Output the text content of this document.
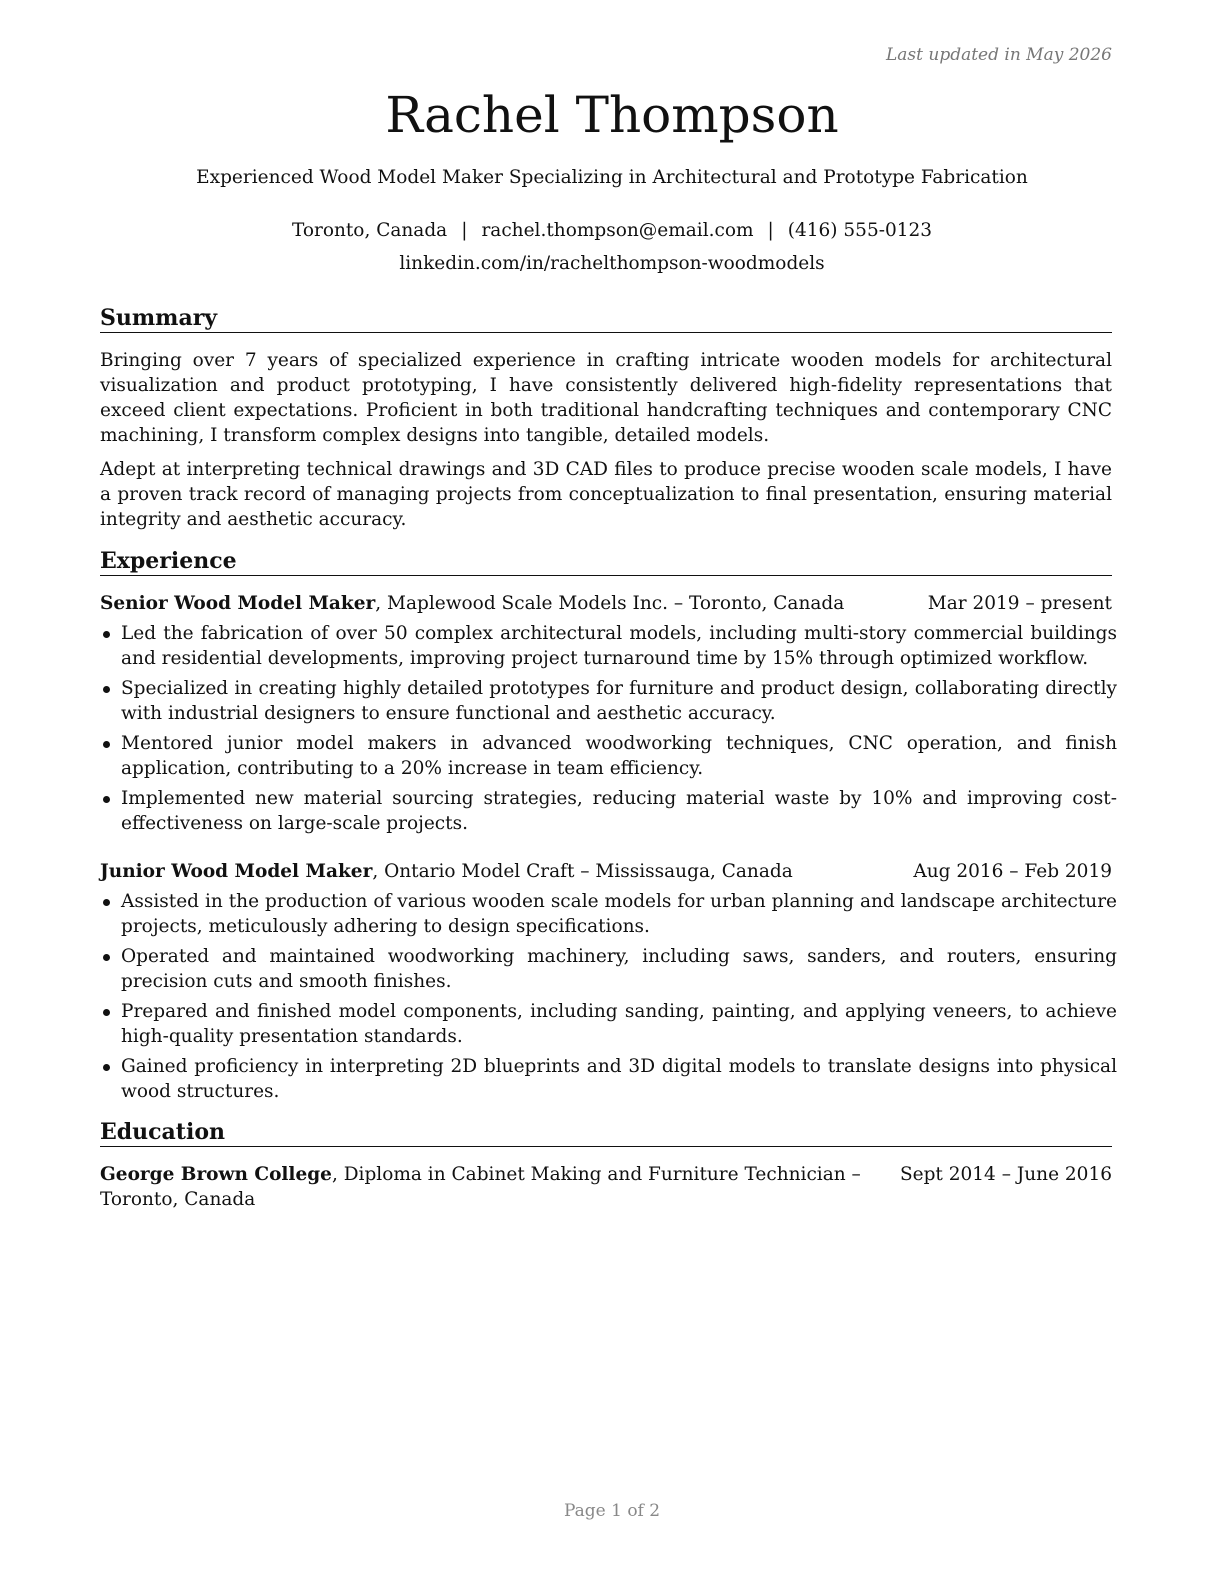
Last updated in May 2026
Rachel Thompson
Experienced Wood Model Maker Specializing in Architectural and Prototype Fabrication
Toronto, Canada | rachel.thompson@email.com | (416) 555-0123
linkedin.com/in/rachelthompson-woodmodels
Summary

Bringing over 7 years of specialized experience in crafting intricate wooden models for architectural visualization and product prototyping, I have consistently delivered high-fidelity representations that exceed client expectations. Proficient in both traditional handcrafting techniques and contemporary CNC machining, I transform complex designs into tangible, detailed models.

Adept at interpreting technical drawings and 3D CAD files to produce precise wooden scale models, I have a proven track record of managing projects from conceptualization to final presentation, ensuring material integrity and aesthetic accuracy.

Experience
Senior Wood Model Maker, Maplewood Scale Models Inc. – Toronto, Canada	Mar 2019 – present
Led the fabrication of over 50 complex architectural models, including multi-story commercial buildings and residential developments, improving project turnaround time by 15% through optimized workflow.
Specialized in creating highly detailed prototypes for furniture and product design, collaborating directly with industrial designers to ensure functional and aesthetic accuracy.
Mentored junior model makers in advanced woodworking techniques, CNC operation, and finish application, contributing to a 20% increase in team efficiency.
Implemented new material sourcing strategies, reducing material waste by 10% and improving cost-effectiveness on large-scale projects.
Junior Wood Model Maker, Ontario Model Craft – Mississauga, Canada	Aug 2016 – Feb 2019
Assisted in the production of various wooden scale models for urban planning and landscape architecture projects, meticulously adhering to design specifications.
Operated and maintained woodworking machinery, including saws, sanders, and routers, ensuring precision cuts and smooth finishes.
Prepared and finished model components, including sanding, painting, and applying veneers, to achieve high-quality presentation standards.
Gained proficiency in interpreting 2D blueprints and 3D digital models to translate designs into physical wood structures.
Education
George Brown College, Diploma in Cabinet Making and Furniture Technician – Toronto, Canada
Sept 2014 – June 2016
Page 1 of 2
